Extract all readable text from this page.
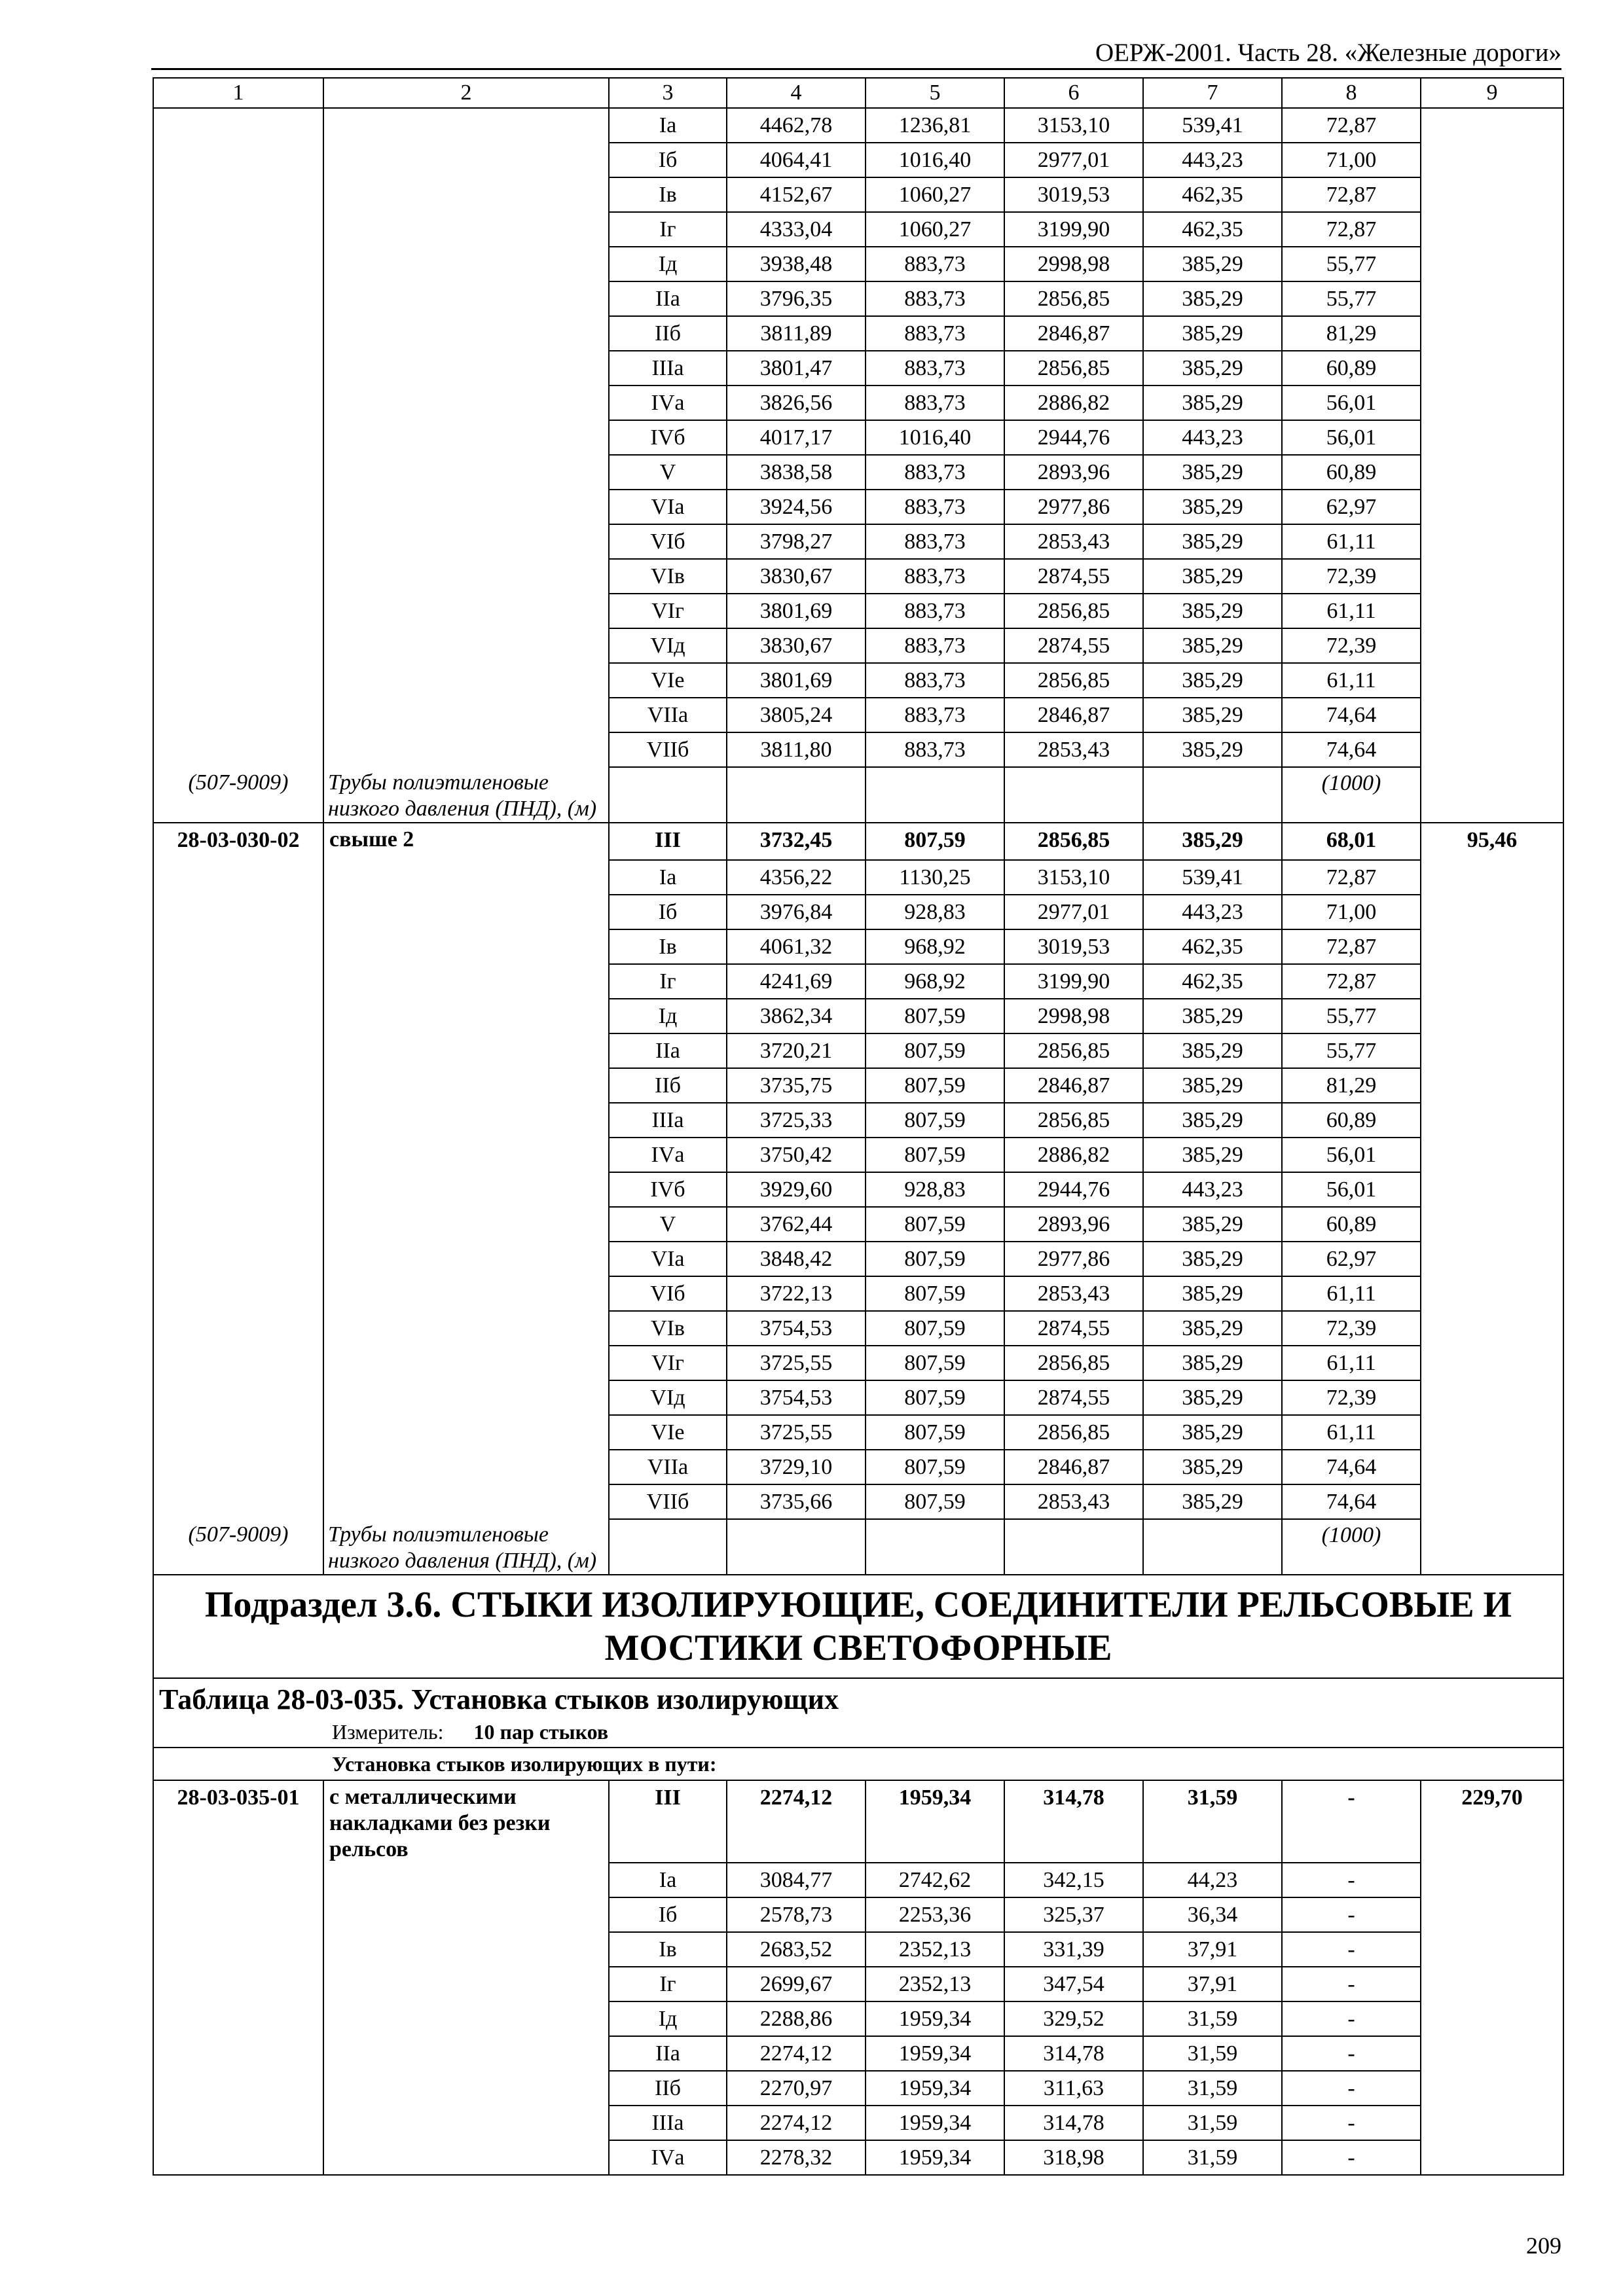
ОЕРЖ-2001. Часть 28. «Железные дороги»
1	2	3	4	5	6	7	8	9
		Iа	4462,78	1236,81	3153,10	539,41	72,87	
		Iб	4064,41	1016,40	2977,01	443,23	71,00	
		Iв	4152,67	1060,27	3019,53	462,35	72,87	
		Iг	4333,04	1060,27	3199,90	462,35	72,87	
		Iд	3938,48	883,73	2998,98	385,29	55,77	
		IIа	3796,35	883,73	2856,85	385,29	55,77	
		IIб	3811,89	883,73	2846,87	385,29	81,29	
		IIIа	3801,47	883,73	2856,85	385,29	60,89	
		IVа	3826,56	883,73	2886,82	385,29	56,01	
		IVб	4017,17	1016,40	2944,76	443,23	56,01	
		V	3838,58	883,73	2893,96	385,29	60,89	
		VIа	3924,56	883,73	2977,86	385,29	62,97	
		VIб	3798,27	883,73	2853,43	385,29	61,11	
		VIв	3830,67	883,73	2874,55	385,29	72,39	
		VIг	3801,69	883,73	2856,85	385,29	61,11	
		VIд	3830,67	883,73	2874,55	385,29	72,39	
		VIе	3801,69	883,73	2856,85	385,29	61,11	
		VIIа	3805,24	883,73	2846,87	385,29	74,64	
		VIIб	3811,80	883,73	2853,43	385,29	74,64	
(507-9009)	Трубы полиэтиленовые низкого давления (ПНД), (м)						(1000)	
28-03-030-02	свыше 2	III	3732,45	807,59	2856,85	385,29	68,01	95,46
		Iа	4356,22	1130,25	3153,10	539,41	72,87	
		Iб	3976,84	928,83	2977,01	443,23	71,00	
		Iв	4061,32	968,92	3019,53	462,35	72,87	
		Iг	4241,69	968,92	3199,90	462,35	72,87	
		Iд	3862,34	807,59	2998,98	385,29	55,77	
		IIа	3720,21	807,59	2856,85	385,29	55,77	
		IIб	3735,75	807,59	2846,87	385,29	81,29	
		IIIа	3725,33	807,59	2856,85	385,29	60,89	
		IVа	3750,42	807,59	2886,82	385,29	56,01	
		IVб	3929,60	928,83	2944,76	443,23	56,01	
		V	3762,44	807,59	2893,96	385,29	60,89	
		VIа	3848,42	807,59	2977,86	385,29	62,97	
		VIб	3722,13	807,59	2853,43	385,29	61,11	
		VIв	3754,53	807,59	2874,55	385,29	72,39	
		VIг	3725,55	807,59	2856,85	385,29	61,11	
		VIд	3754,53	807,59	2874,55	385,29	72,39	
		VIе	3725,55	807,59	2856,85	385,29	61,11	
		VIIа	3729,10	807,59	2846,87	385,29	74,64	
		VIIб	3735,66	807,59	2853,43	385,29	74,64	
(507-9009)	Трубы полиэтиленовые низкого давления (ПНД), (м)						(1000)	
Подраздел 3.6. СТЫКИ ИЗОЛИРУЮЩИЕ, СОЕДИНИТЕЛИ РЕЛЬСОВЫЕ И МОСТИКИ СВЕТОФОРНЫЕ								
Таблица 28-03-035. Установка стыков изолирующих								
Измеритель: 10 пар стыков								
Установка стыков изолирующих в пути:								
28-03-035-01	с металлическими накладками без резки рельсов	III	2274,12	1959,34	314,78	31,59	-	229,70
		Iа	3084,77	2742,62	342,15	44,23	-	
		Iб	2578,73	2253,36	325,37	36,34	-	
		Iв	2683,52	2352,13	331,39	37,91	-	
		Iг	2699,67	2352,13	347,54	37,91	-	
		Iд	2288,86	1959,34	329,52	31,59	-	
		IIа	2274,12	1959,34	314,78	31,59	-	
		IIб	2270,97	1959,34	311,63	31,59	-	
		IIIа	2274,12	1959,34	314,78	31,59	-	
		IVа	2278,32	1959,34	318,98	31,59	-	
209
